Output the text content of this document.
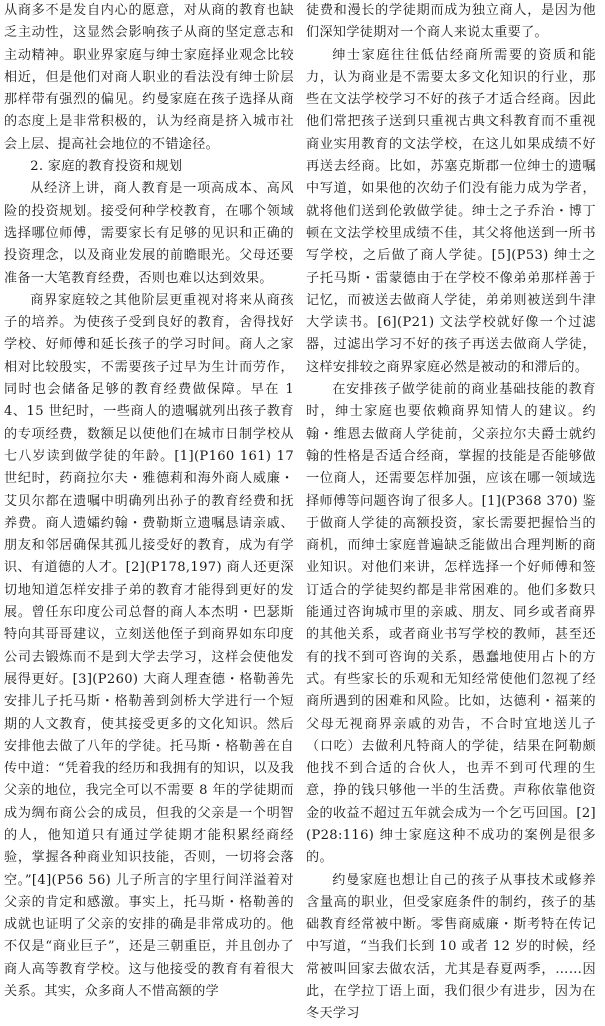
从商多不是发自内心的愿意，对从商的教育也缺乏主动性，这显然会影响孩子从商的坚定意志和主动精神。职业界家庭与绅士家庭择业观念比较相近，但是他们对商人职业的看法没有绅士阶层那样带有强烈的偏见。约曼家庭在孩子选择从商的态度上是非常积极的，认为经商是挤入城市社会上层、提高社会地位的不错途径。

2. 家庭的教育投资和规划

从经济上讲，商人教育是一项高成本、高风险的投资规划。接受何种学校教育，在哪个领域选择哪位师傅，需要家长有足够的见识和正确的投资理念，以及商业发展的前瞻眼光。父母还要准备一大笔教育经费，否则也难以达到效果。

商界家庭较之其他阶层更重视对将来从商孩子的培养。为使孩子受到良好的教育，舍得找好学校、好师傅和延长孩子的学习时间。商人之家相对比较殷实，不需要孩子过早为生计而劳作，同时也会储备足够的教育经费做保障。早在 14、15 世纪时，一些商人的遗嘱就列出孩子教育的专项经费，数额足以使他们在城市日制学校从七八岁读到做学徒的年龄。[1](P160 161) 17 世纪时，药商拉尔夫・雅德莉和海外商人威廉・艾贝尔都在遗嘱中明确列出孙子的教育经费和抚养费。商人遗孀约翰・费勒斯立遗嘱恳请亲戚、朋友和邻居确保其孤儿接受好的教育，成为有学识、有道德的人才。[2](P178,197) 商人还更深切地知道怎样安排子弟的教育才能得到更好的发展。曾任东印度公司总督的商人本杰明・巴瑟斯特向其哥哥建议，立刻送他侄子到商界如东印度公司去锻炼而不是到大学去学习，这样会使他发展得更好。[3](P260) 大商人理查德・格勒善先安排儿子托马斯・格勒善到剑桥大学进行一个短期的人文教育，使其接受更多的文化知识。然后安排他去做了八年的学徒。托马斯・格勒善在自传中道：“凭着我的经历和我拥有的知识，以及我父亲的地位，我完全可以不需要 8 年的学徒期而成为绸布商公会的成员，但我的父亲是一个明智的人，他知道只有通过学徒期才能积累经商经验，掌握各种商业知识技能，否则，一切将会落空。”[4](P56 56) 儿子所言的字里行间洋溢着对父亲的肯定和感激。事实上，托马斯・格勒善的成就也证明了父亲的安排的确是非常成功的。他不仅是“商业巨子”，还是三朝重臣，并且创办了商人高等教育学校。这与他接受的教育有着很大关系。其实，众多商人不惜高额的学

徒费和漫长的学徒期而成为独立商人，是因为他们深知学徒期对一个商人来说太重要了。

绅士家庭往往低估经商所需要的资质和能力，认为商业是不需要太多文化知识的行业，那些在文法学校学习不好的孩子才适合经商。因此他们常把孩子送到只重视古典文科教育而不重视商业实用教育的文法学校，在这儿如果成绩不好再送去经商。比如，苏塞克斯郡一位绅士的遗嘱中写道，如果他的次幼子们没有能力成为学者，就将他们送到伦敦做学徒。绅士之子乔治・博丁顿在文法学校里成绩不佳，其父将他送到一所书写学校，之后做了商人学徒。[5](P53) 绅士之子托马斯・雷蒙德由于在学校不像弟弟那样善于记忆，而被送去做商人学徒，弟弟则被送到牛津大学读书。[6](P21) 文法学校就好像一个过滤器，过滤出学习不好的孩子再送去做商人学徒，这样安排较之商界家庭必然是被动的和滞后的。

在安排孩子做学徒前的商业基础技能的教育时，绅士家庭也要依赖商界知情人的建议。约翰・维恩去做商人学徒前，父亲拉尔夫爵士就约翰的性格是否适合经商，掌握的技能是否能够做一位商人，还需要怎样加强，应该在哪一领域选择师傅等问题咨询了很多人。[1](P368 370) 鉴于做商人学徒的高额投资，家长需要把握恰当的商机，而绅士家庭普遍缺乏能做出合理判断的商业知识。对他们来讲，怎样选择一个好师傅和签订适合的学徒契约都是非常困难的。他们多数只能通过咨询城市里的亲戚、朋友、同乡或者商界的其他关系，或者商业书写学校的教师，甚至还有的找不到可咨询的关系，愚蠢地使用占卜的方式。有些家长的乐观和无知经常使他们忽视了经商所遇到的困难和风险。比如，达德利・福莱的父母无视商界亲戚的劝告，不合时宜地送儿子（口吃）去做利凡特商人的学徒，结果在阿勒颇他找不到合适的合伙人，也弄不到可代理的生意，挣的钱只够他一半的生活费。声称依靠他资金的收益不超过五年就会成为一个乞丐回国。[2](P28:116) 绅士家庭这种不成功的案例是很多的。

约曼家庭也想让自己的孩子从事技术或修养含量高的职业，但受家庭条件的制约，孩子的基础教育经常被中断。零售商威廉・斯考特在传记中写道，“当我们长到 10 或者 12 岁的时候，经常被叫回家去做农活，尤其是春夏两季，……因此，在学拉丁语上面，我们很少有进步，因为在冬天学习
